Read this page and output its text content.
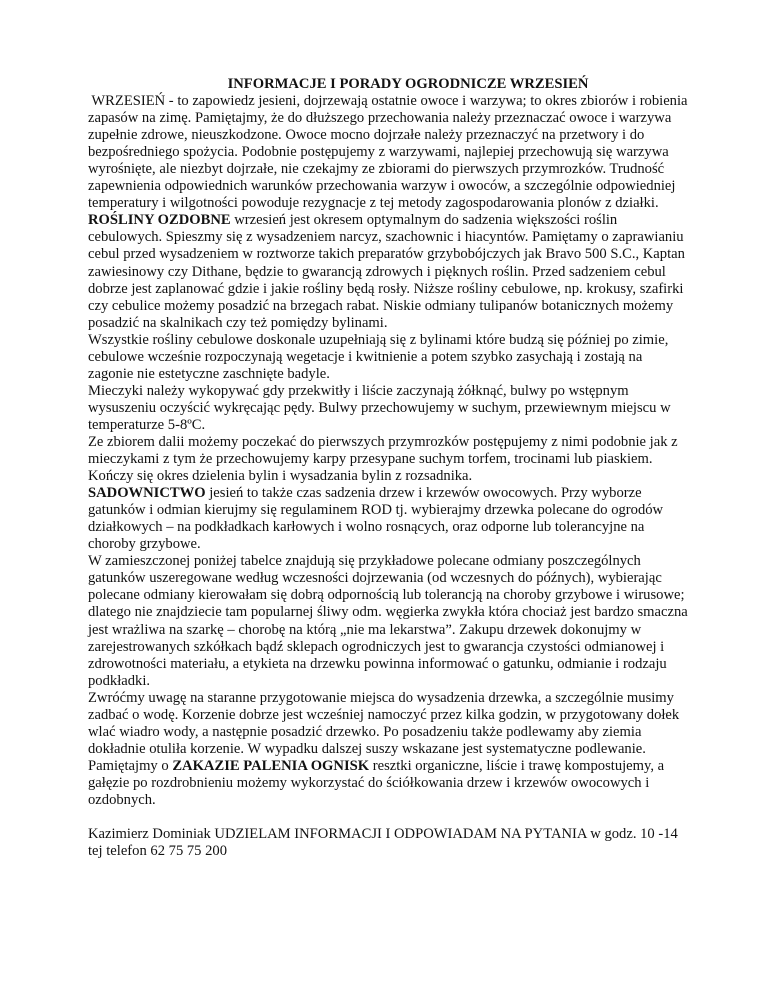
INFORMACJE I PORADY OGRODNICZE WRZESIEŃ

WRZESIEŃ - to zapowiedz jesieni, dojrzewają ostatnie owoce i warzywa; to okres zbiorów i robienia zapasów na zimę. Pamiętajmy, że do dłuższego przechowania należy przeznaczać owoce i warzywa zupełnie zdrowe, nieuszkodzone. Owoce mocno dojrzałe należy przeznaczyć na przetwory i do bezpośredniego spożycia. Podobnie postępujemy z warzywami, najlepiej przechowują się warzywa wyrośnięte, ale niezbyt dojrzałe, nie czekajmy ze zbiorami do pierwszych przymrozków. Trudność zapewnienia odpowiednich warunków przechowania warzyw i owoców, a szczególnie odpowiedniej temperatury i wilgotności powoduje rezygnacje z tej metody zagospodarowania plonów z działki.

ROŚLINY OZDOBNE wrzesień jest okresem optymalnym do sadzenia większości roślin cebulowych. Spieszmy się z wysadzeniem narcyz, szachownic i hiacyntów. Pamiętamy o zaprawianiu cebul przed wysadzeniem w roztworze takich preparatów grzybobójczych jak Bravo 500 S.C., Kaptan zawiesinowy czy Dithane, będzie to gwarancją zdrowych i pięknych roślin. Przed sadzeniem cebul dobrze jest zaplanować gdzie i jakie rośliny będą rosły. Niższe rośliny cebulowe, np. krokusy, szafirki czy cebulice możemy posadzić na brzegach rabat. Niskie odmiany tulipanów botanicznych możemy posadzić na skalnikach czy też pomiędzy bylinami.

Wszystkie rośliny cebulowe doskonale uzupełniają się z bylinami które budzą się później po zimie, cebulowe wcześnie rozpoczynają wegetacje i kwitnienie a potem szybko zasychają i zostają na zagonie nie estetyczne zaschnięte badyle.

Mieczyki należy wykopywać gdy przekwitły i liście zaczynają żółknąć, bulwy po wstępnym wysuszeniu oczyścić wykręcając pędy. Bulwy przechowujemy w suchym, przewiewnym miejscu w temperaturze 5-8ºC.

Ze zbiorem dalii możemy poczekać do pierwszych przymrozków postępujemy z nimi podobnie jak z mieczykami z tym że przechowujemy karpy przesypane suchym torfem, trocinami lub piaskiem.

Kończy się okres dzielenia bylin i wysadzania bylin z rozsadnika.

SADOWNICTWO jesień to także czas sadzenia drzew i krzewów owocowych. Przy wyborze gatunków i odmian kierujmy się regulaminem ROD tj. wybierajmy drzewka polecane do ogrodów działkowych – na podkładkach karłowych i wolno rosnących, oraz odporne lub tolerancyjne na choroby grzybowe.

W zamieszczonej poniżej tabelce znajdują się przykładowe polecane odmiany poszczególnych gatunków uszeregowane według wczesności dojrzewania (od wczesnych do późnych), wybierając polecane odmiany kierowałam się dobrą odpornością lub tolerancją na choroby grzybowe i wirusowe; dlatego nie znajdziecie tam popularnej śliwy odm. węgierka zwykła która chociaż jest bardzo smaczna jest wrażliwa na szarkę – chorobę na którą „nie ma lekarstwa”. Zakupu drzewek dokonujmy w zarejestrowanych szkółkach bądź sklepach ogrodniczych jest to gwarancja czystości odmianowej i zdrowotności materiału, a etykieta na drzewku powinna informować o gatunku, odmianie i rodzaju podkładki.

Zwróćmy uwagę na staranne przygotowanie miejsca do wysadzenia drzewka, a szczególnie musimy zadbać o wodę. Korzenie dobrze jest wcześniej namoczyć przez kilka godzin, w przygotowany dołek wlać wiadro wody, a następnie posadzić drzewko. Po posadzeniu także podlewamy aby ziemia dokładnie otuliła korzenie. W wypadku dalszej suszy wskazane jest systematyczne podlewanie.

Pamiętajmy o ZAKAZIE PALENIA OGNISK resztki organiczne, liście i trawę kompostujemy, a gałęzie po rozdrobnieniu możemy wykorzystać do ściółkowania drzew i krzewów owocowych i ozdobnych.

Kazimierz Dominiak UDZIELAM INFORMACJI I ODPOWIADAM NA PYTANIA w godz. 10 -14 tej telefon 62 75 75 200
